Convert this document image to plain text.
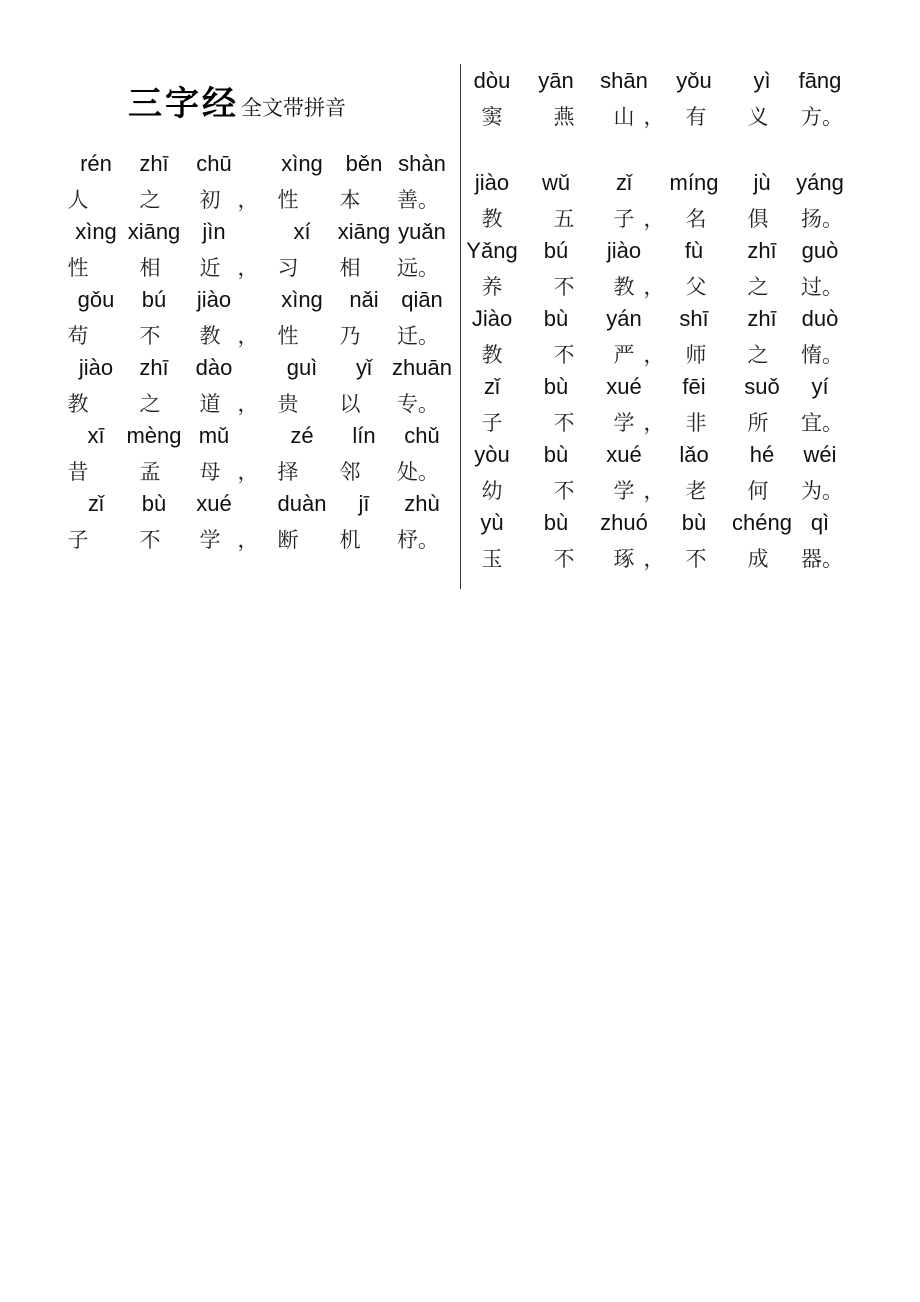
三字经全文带拼音
rén zhī chū xìng běn shàn
人 之 初 ， 性 本 善。
xìng xiāng jìn	xí xiāng yuǎn
性 相 近 ， 习 相 远。
gǒu bú jiào xìng nǎi qiān
苟 不 教 ， 性 乃 迁。
jiào zhī dào guì yǐ zhuān
教 之 道 ， 贵 以 专。
xī mèng mǔ	zé lín chǔ
昔 孟 母 ， 择 邻 处。
zǐ bù xué duàn jī zhù
子 不 学 ， 断 机 杼。
dòu yān shān yǒu yì fāng
窦 燕 山 ， 有 义 方。
jiào wǔ zǐ míng jù yáng
教 五 子 ， 名 俱 扬。
Yǎng bú jiào fù zhī guò
养 不 教 ， 父 之 过。
Jiào bù yán shī zhī duò
教 不 严 ， 师 之 惰。
zǐ bù xué fēi suǒ yí
子 不 学 ， 非 所 宜。
yòu bù xué lǎo hé wéi
幼 不 学 ， 老 何 为。
yù bù zhuó bù chéng qì
玉 不 琢 ， 不 成 器。
